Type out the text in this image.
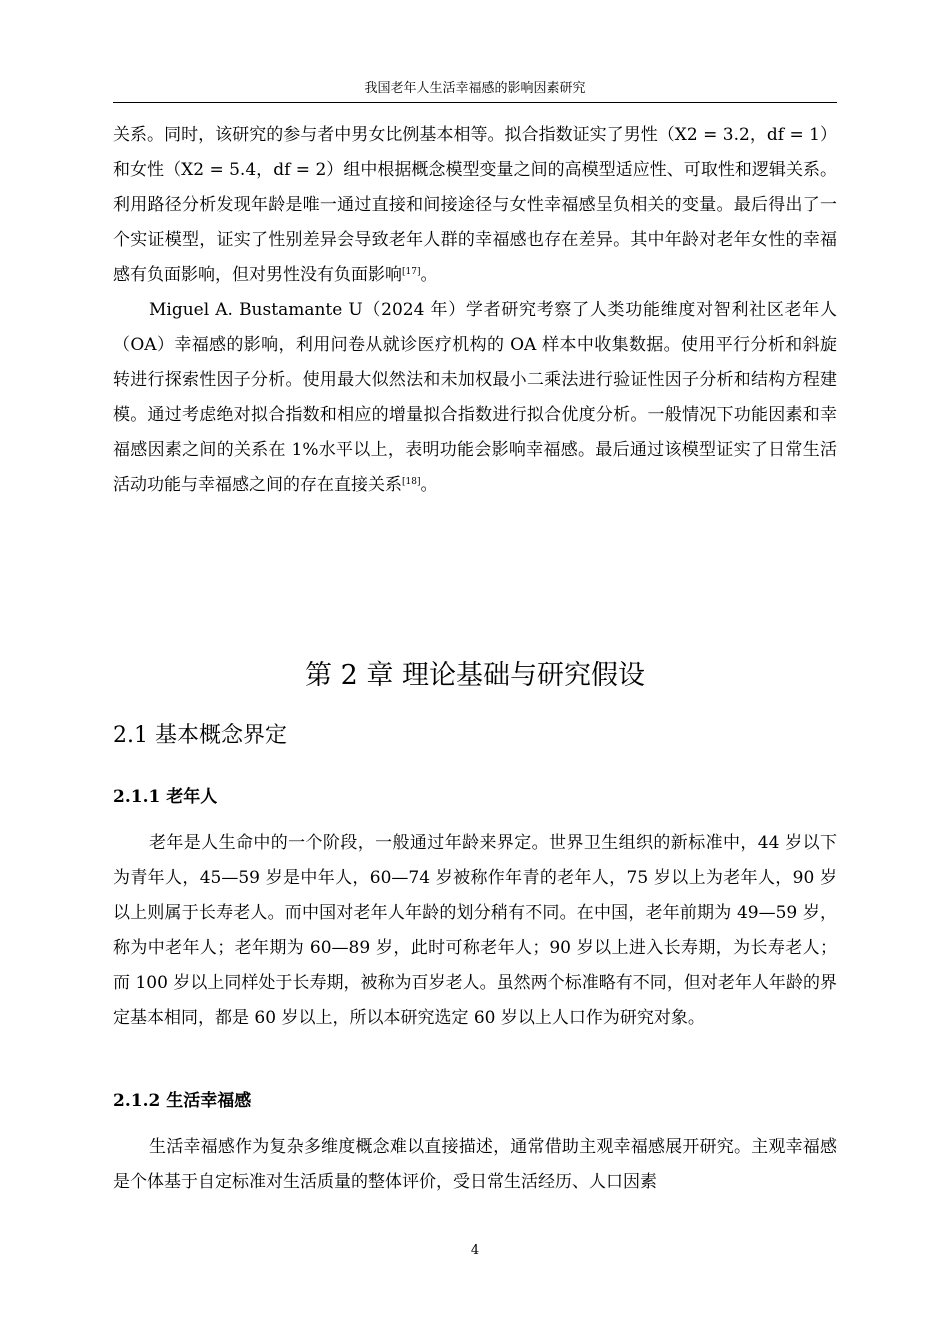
我国老年人生活幸福感的影响因素研究

关系。同时，该研究的参与者中男女比例基本相等。拟合指数证实了男性（X2 = 3.2，df = 1）和女性（X2 = 5.4，df = 2）组中根据概念模型变量之间的高模型适应性、可取性和逻辑关系。利用路径分析发现年龄是唯一通过直接和间接途径与女性幸福感呈负相关的变量。最后得出了一个实证模型，证实了性别差异会导致老年人群的幸福感也存在差异。其中年龄对老年女性的幸福感有负面影响，但对男性没有负面影响[17]。

Miguel A. Bustamante U（2024 年）学者研究考察了人类功能维度对智利社区老年人 （OA）幸福感的影响，利用问卷从就诊医疗机构的 OA 样本中收集数据。使用平行分析和斜旋转进行探索性因子分析。使用最大似然法和未加权最小二乘法进行验证性因子分析和结构方程建模。通过考虑绝对拟合指数和相应的增量拟合指数进行拟合优度分析。一般情况下功能因素和幸福感因素之间的关系在 1%水平以上，表明功能会影响幸福感。最后通过该模型证实了日常生活活动功能与幸福感之间的存在直接关系[18]。

第 2 章 理论基础与研究假设
2.1 基本概念界定
2.1.1 老年人

老年是人生命中的一个阶段，一般通过年龄来界定。世界卫生组织的新标准中，44 岁以下为青年人，45—59 岁是中年人，60—74 岁被称作年青的老年人，75 岁以上为老年人，90 岁以上则属于长寿老人。而中国对老年人年龄的划分稍有不同。在中国，老年前期为 49—59 岁，称为中老年人；老年期为 60—89 岁，此时可称老年人；90 岁以上进入长寿期，为长寿老人；而 100 岁以上同样处于长寿期，被称为百岁老人。虽然两个标准略有不同，但对老年人年龄的界定基本相同，都是 60 岁以上，所以本研究选定 60 岁以上人口作为研究对象。

2.1.2 生活幸福感

生活幸福感作为复杂多维度概念难以直接描述，通常借助主观幸福感展开研究。主观幸福感是个体基于自定标准对生活质量的整体评价，受日常生活经历、人口因素

4
